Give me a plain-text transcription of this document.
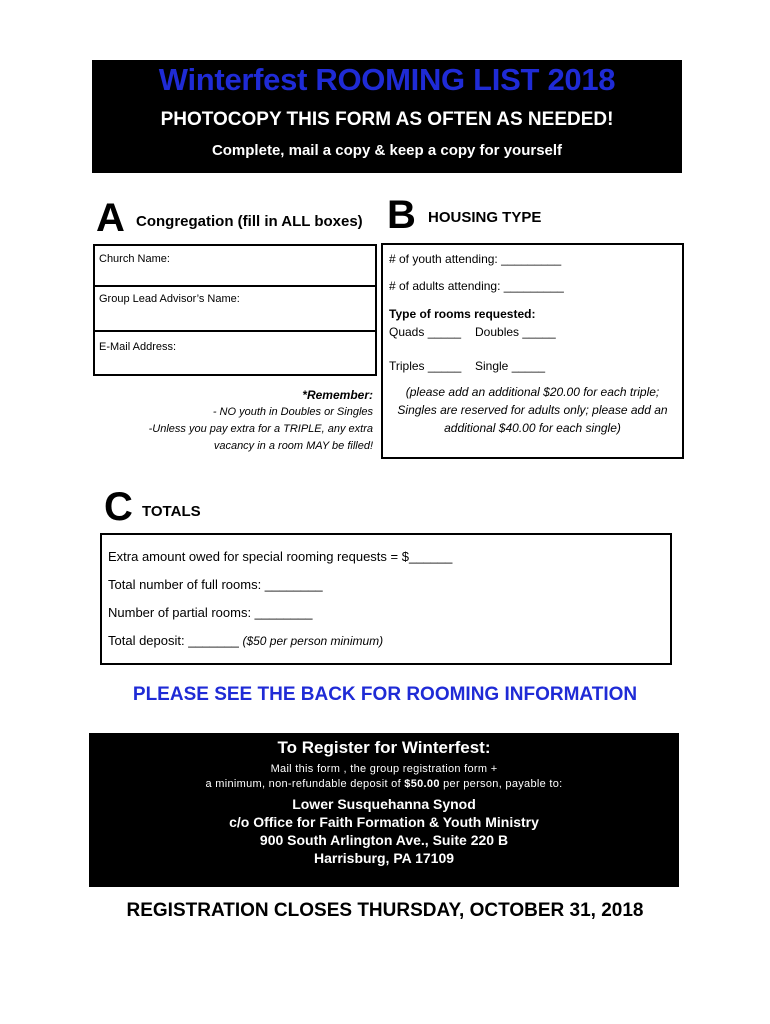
Winterfest ROOMING LIST 2018
PHOTOCOPY THIS FORM AS OFTEN AS NEEDED!
Complete, mail a copy & keep a copy for yourself
A Congregation (fill in ALL boxes)
Church Name:
Group Lead Advisor’s Name:
E-Mail Address:
*Remember:
- NO youth in Doubles or Singles
-Unless you pay extra for a TRIPLE, any extra
vacancy in a room MAY be filled!
B HOUSING TYPE
# of youth attending: _________
# of adults attending: _________
Type of rooms requested:
Quads _____ Doubles _____
Triples _____ Single _____
(please add an additional $20.00 for each triple; Singles are reserved for adults only; please add an additional $40.00 for each single)
C TOTALS
Extra amount owed for special rooming requests = $______
Total number of full rooms: ________
Number of partial rooms: ________
Total deposit: _______ ($50 per person minimum)
PLEASE SEE THE BACK FOR ROOMING INFORMATION
To Register for Winterfest:
Mail this form , the group registration form +
a minimum, non-refundable deposit of $50.00 per person, payable to:
Lower Susquehanna Synod
c/o Office for Faith Formation & Youth Ministry
900 South Arlington Ave., Suite 220 B
Harrisburg, PA 17109
REGISTRATION CLOSES THURSDAY, OCTOBER 31, 2018
